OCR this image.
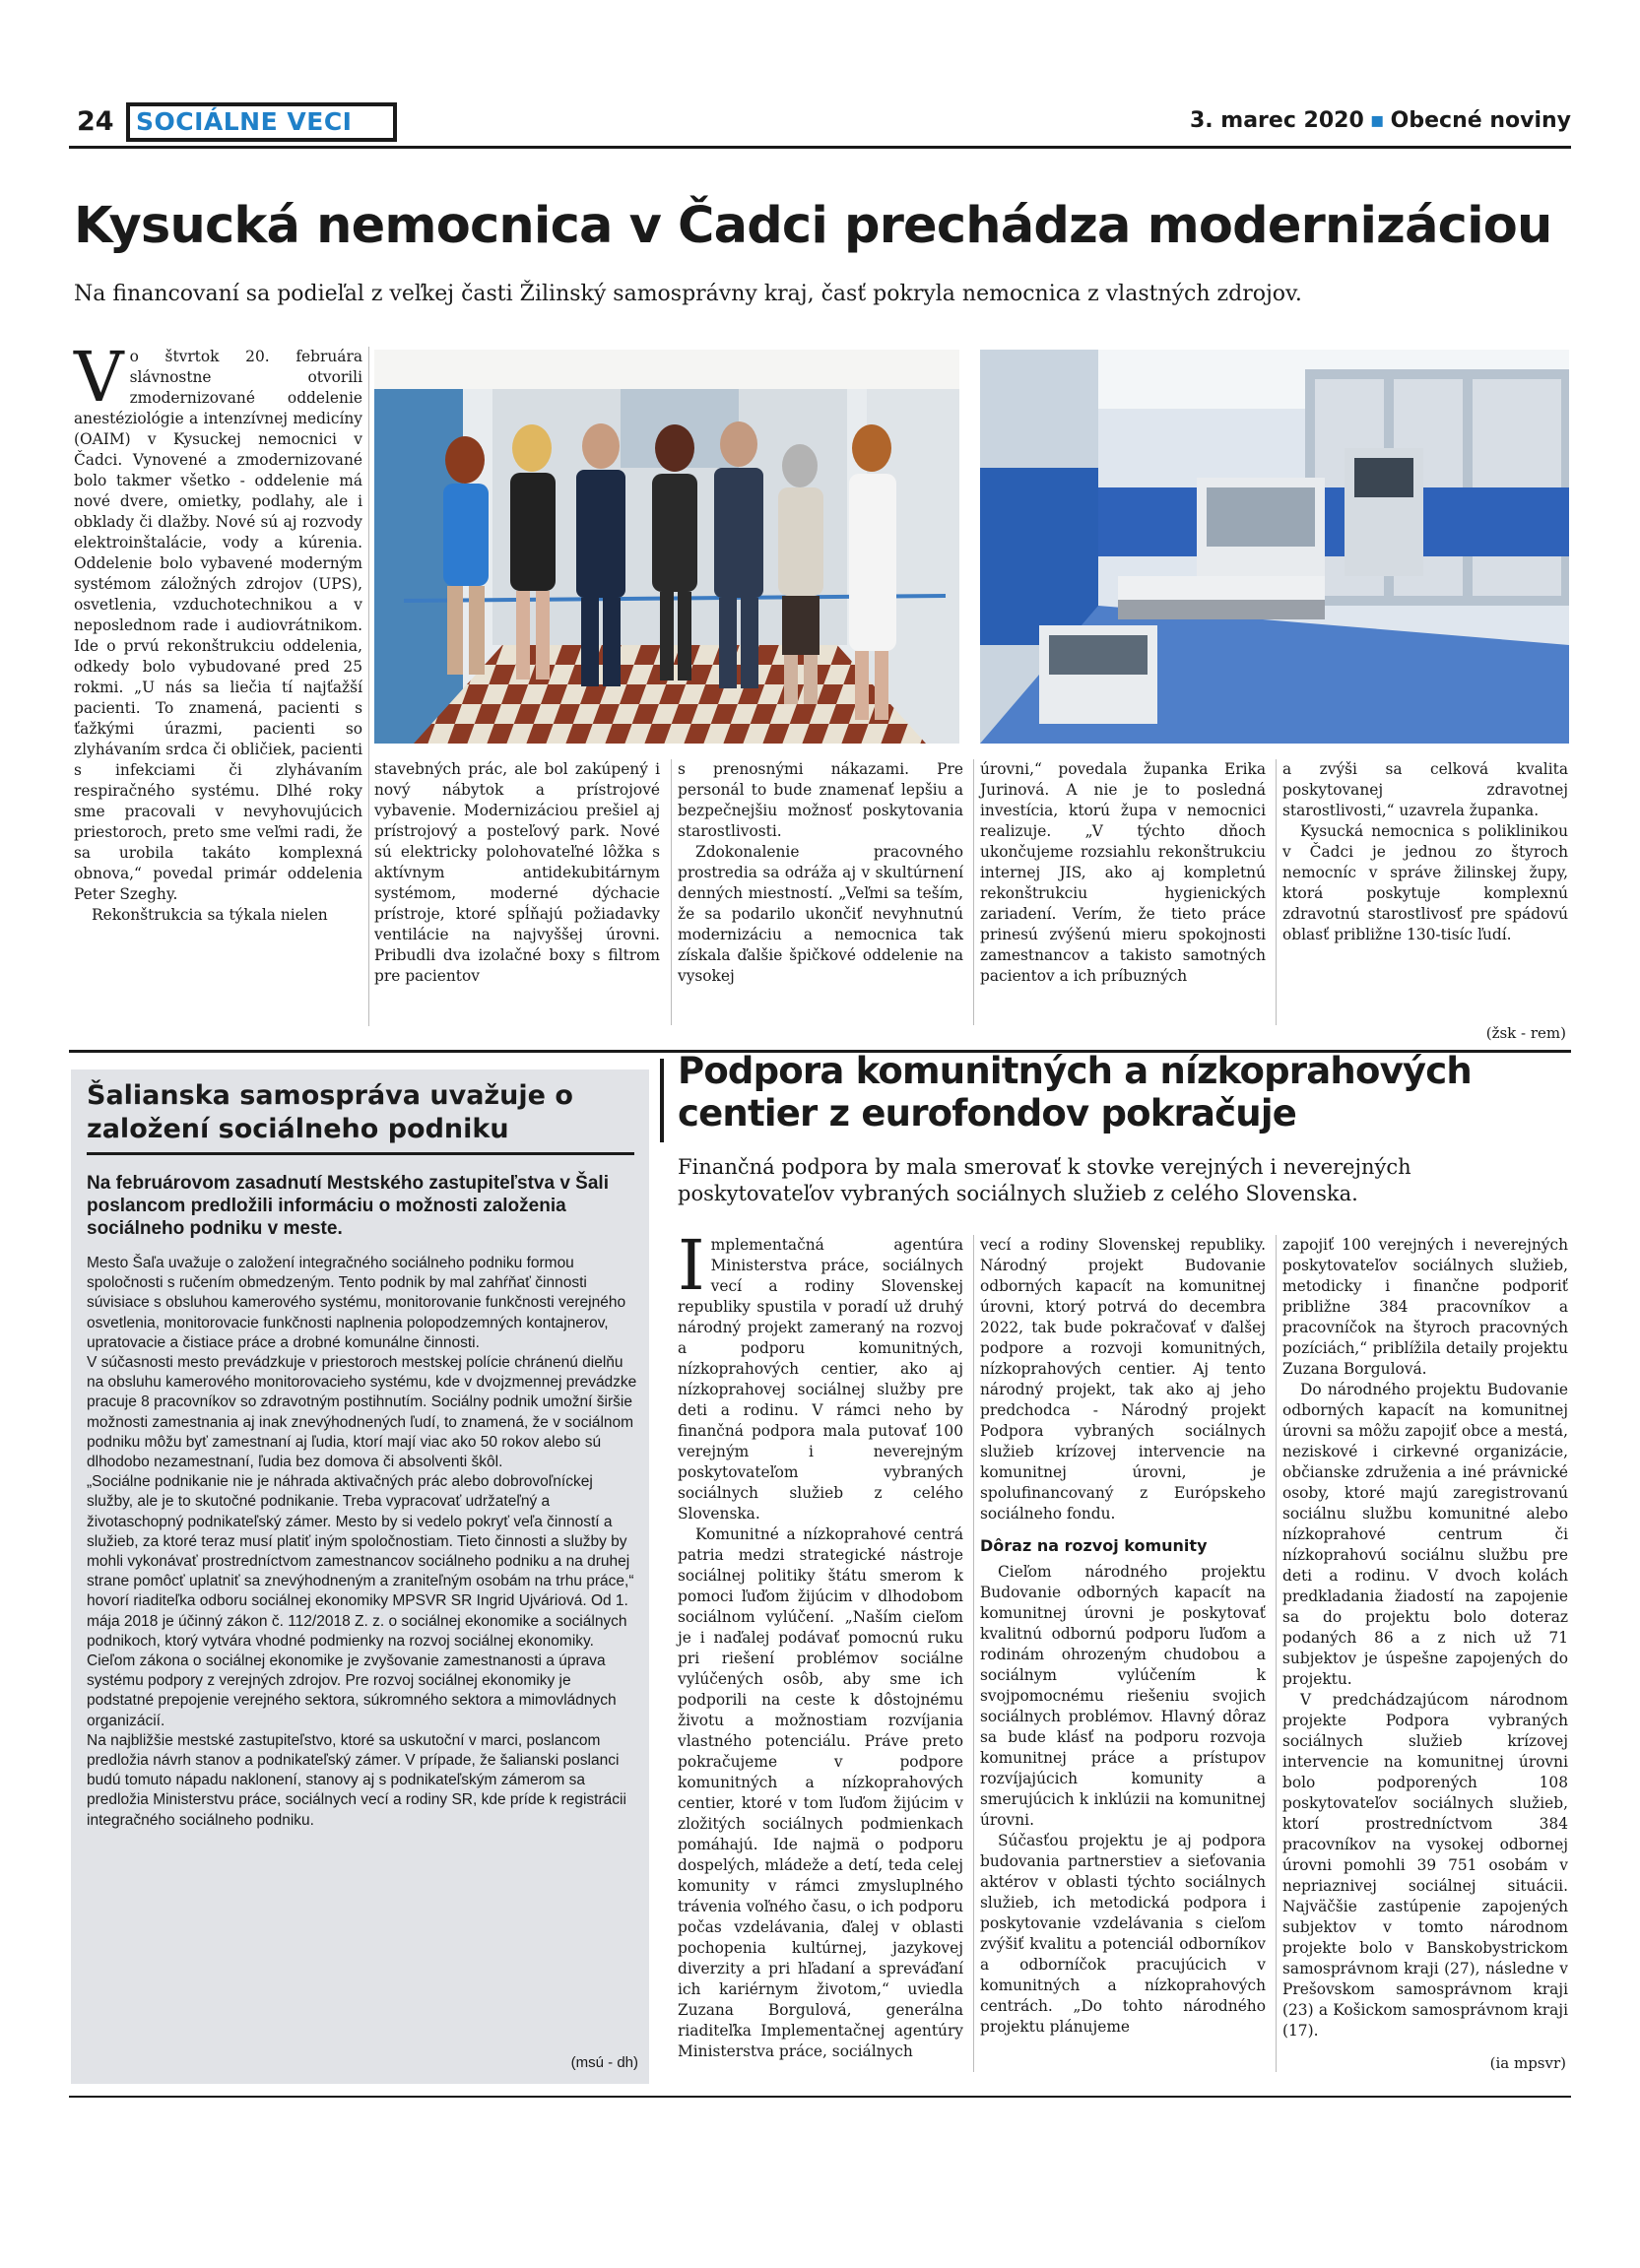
24 SOCIÁLNE VECI	3. marec 2020 ▪ Obecné noviny
Kysucká nemocnica v Čadci prechádza modernizáciou
Na financovaní sa podieľal z veľkej časti Žilinský samosprávny kraj, časť pokryla nemocnica z vlastných zdrojov.

Vo štvrtok 20. februára slávnostne otvorili zmodernizované oddelenie anestéziológie a intenzívnej medicíny (OAIM) v Kysuckej nemocnici v Čadci. Vynovené a zmodernizované bolo takmer všetko - oddelenie má nové dvere, omietky, podlahy, ale i obklady či dlažby. Nové sú aj rozvody elektroinštalácie, vody a kúrenia. Oddelenie bolo vybavené moderným systémom záložných zdrojov (UPS), osvetlenia, vzduchotechnikou a v neposlednom rade i audiovrátnikom. Ide o prvú rekonštrukciu oddelenia, odkedy bolo vybudované pred 25 rokmi. „U nás sa liečia tí najťažší pacienti. To znamená, pacienti s ťažkými úrazmi, pacienti so zlyhávaním srdca či obličiek, pacienti s infekciami či zlyhávaním respiračného systému. Dlhé roky sme pracovali v nevyhovujúcich priestoroch, preto sme veľmi radi, že sa urobila takáto komplexná obnova,“ povedal primár oddelenia Peter Szeghy.

Rekonštrukcia sa týkala nielen

stavebných prác, ale bol zakúpený i nový nábytok a prístrojové vybavenie. Modernizáciou prešiel aj prístrojový a posteľový park. Nové sú elektricky polohovateľné lôžka s aktívnym antidekubitárnym systémom, moderné dýchacie prístroje, ktoré spĺňajú požiadavky ventilácie na najvyššej úrovni. Pribudli dva izolačné boxy s filtrom pre pacientov

s prenosnými nákazami. Pre personál to bude znamenať lepšiu a bezpečnejšiu možnosť poskytovania starostlivosti.

Zdokonalenie pracovného prostredia sa odráža aj v skultúrnení denných miestností. „Veľmi sa teším, že sa podarilo ukončiť nevyhnutnú modernizáciu a nemocnica tak získala ďalšie špičkové oddelenie na vysokej

úrovni,“ povedala županka Erika Jurinová. A nie je to posledná investícia, ktorú župa v nemocnici realizuje. „V týchto dňoch ukončujeme rozsiahlu rekonštrukciu internej JIS, ako aj kompletnú rekonštrukciu hygienických zariadení. Verím, že tieto práce prinesú zvýšenú mieru spokojnosti zamestnancov a takisto samotných pacientov a ich príbuzných

a zvýši sa celková kvalita poskytovanej zdravotnej starostlivosti,“ uzavrela županka.

Kysucká nemocnica s poliklinikou v Čadci je jednou zo štyroch nemocníc v správe žilinskej župy, ktorá poskytuje komplexnú zdravotnú starostlivosť pre spádovú oblasť približne 130-tisíc ľudí.

(žsk - rem)
Šalianska samospráva uvažuje o založení sociálneho podniku
Na februárovom zasadnutí Mestského zastupiteľstva v Šali poslancom predložili informáciu o možnosti založenia sociálneho podniku v meste.

Mesto Šaľa uvažuje o založení integračného sociálneho podniku formou spoločnosti s ručením obmedzeným. Tento podnik by mal zahŕňať činnosti súvisiace s obsluhou kamerového systému, monitorovanie funkčnosti verejného osvetlenia, monitorovacie funkčnosti naplnenia polopodzemných kontajnerov, upratovacie a čistiace práce a drobné komunálne činnosti.

V súčasnosti mesto prevádzkuje v priestoroch mestskej polície chránenú dielňu na obsluhu kamerového monitorovacieho systému, kde v dvojzmennej prevádzke pracuje 8 pracovníkov so zdravotným postihnutím. Sociálny podnik umožní širšie možnosti zamestnania aj inak znevýhodnených ľudí, to znamená, že v sociálnom podniku môžu byť zamestnaní aj ľudia, ktorí mají viac ako 50 rokov alebo sú dlhodobo nezamestnaní, ľudia bez domova či absolventi škôl.

„Sociálne podnikanie nie je náhrada aktivačných prác alebo dobrovoľníckej služby, ale je to skutočné podnikanie. Treba vypracovať udržateľný a životaschopný podnikateľský zámer. Mesto by si vedelo pokryť veľa činností a služieb, za ktoré teraz musí platiť iným spoločnostiam. Tieto činnosti a služby by mohli vykonávať prostredníctvom zamestnancov sociálneho podniku a na druhej strane pomôcť uplatniť sa znevýhodneným a zraniteľným osobám na trhu práce,“ hovorí riaditeľka odboru sociálnej ekonomiky MPSVR SR Ingrid Ujváriová. Od 1. mája 2018 je účinný zákon č. 112/2018 Z. z. o sociálnej ekonomike a sociálnych podnikoch, ktorý vytvára vhodné podmienky na rozvoj sociálnej ekonomiky. Cieľom zákona o sociálnej ekonomike je zvyšovanie zamestnanosti a úprava systému podpory z verejných zdrojov. Pre rozvoj sociálnej ekonomiky je podstatné prepojenie verejného sektora, súkromného sektora a mimovládnych organizácií.

Na najbližšie mestské zastupiteľstvo, ktoré sa uskutoční v marci, poslancom predložia návrh stanov a podnikateľský zámer. V prípade, že šalianski poslanci budú tomuto nápadu naklonení, stanovy aj s podnikateľským zámerom sa predložia Ministerstvu práce, sociálnych vecí a rodiny SR, kde príde k registrácii integračného sociálneho podniku.

(msú - dh)
Podpora komunitných a nízkoprahových centier z eurofondov pokračuje
Finančná podpora by mala smerovať k stovke verejných i neverejných poskytovateľov vybraných sociálnych služieb z celého Slovenska.

Implementačná agentúra Ministerstva práce, sociálnych vecí a rodiny Slovenskej republiky spustila v poradí už druhý národný projekt zameraný na rozvoj a podporu komunitných, nízkoprahových centier, ako aj nízkoprahovej sociálnej služby pre deti a rodinu. V rámci neho by finančná podpora mala putovať 100 verejným i neverejným poskytovateľom vybraných sociálnych služieb z celého Slovenska.

Komunitné a nízkoprahové centrá patria medzi strategické nástroje sociálnej politiky štátu smerom k pomoci ľuďom žijúcim v dlhodobom sociálnom vylúčení. „Naším cieľom je i naďalej podávať pomocnú ruku pri riešení problémov sociálne vylúčených osôb, aby sme ich podporili na ceste k dôstojnému životu a možnostiam rozvíjania vlastného potenciálu. Práve preto pokračujeme v podpore komunitných a nízkoprahových centier, ktoré v tom ľuďom žijúcim v zložitých sociálnych podmienkach pomáhajú. Ide najmä o podporu dospelých, mládeže a detí, teda celej komunity v rámci zmysluplného trávenia voľného času, o ich podporu počas vzdelávania, ďalej v oblasti pochopenia kultúrnej, jazykovej diverzity a pri hľadaní a spreváďaní ich kariérnym životom,“ uviedla Zuzana Borgulová, generálna riaditeľka Implementačnej agentúry Ministerstva práce, sociálnych

vecí a rodiny Slovenskej republiky. Národný projekt Budovanie odborných kapacít na komunitnej úrovni, ktorý potrvá do decembra 2022, tak bude pokračovať v ďalšej podpore a rozvoji komunitných, nízkoprahových centier. Aj tento národný projekt, tak ako aj jeho predchodca - Národný projekt Podpora vybraných sociálnych služieb krízovej intervencie na komunitnej úrovni, je spolufinancovaný z Európskeho sociálneho fondu.

Dôraz na rozvoj komunity

Cieľom národného projektu Budovanie odborných kapacít na komunitnej úrovni je poskytovať kvalitnú odbornú podporu ľuďom a rodinám ohrozeným chudobou a sociálnym vylúčením k svojpomocnému riešeniu svojich sociálnych problémov. Hlavný dôraz sa bude klásť na podporu rozvoja komunitnej práce a prístupov rozvíjajúcich komunity a smerujúcich k inklúzii na komunitnej úrovni.

Súčasťou projektu je aj podpora budovania partnerstiev a sieťovania aktérov v oblasti týchto sociálnych služieb, ich metodická podpora i poskytovanie vzdelávania s cieľom zvýšiť kvalitu a potenciál odborníkov a odborníčok pracujúcich v komunitných a nízkoprahových centrách. „Do tohto národného projektu plánujeme

zapojiť 100 verejných i neverejných poskytovateľov sociálnych služieb, metodicky i finančne podporiť približne 384 pracovníkov a pracovníčok na štyroch pracovných pozíciách,“ priblížila detaily projektu Zuzana Borgulová.

Do národného projektu Budovanie odborných kapacít na komunitnej úrovni sa môžu zapojiť obce a mestá, neziskové i cirkevné organizácie, občianske združenia a iné právnické osoby, ktoré majú zaregistrovanú sociálnu službu komunitné alebo nízkoprahové centrum či nízkoprahovú sociálnu službu pre deti a rodinu. V dvoch kolách predkladania žiadostí na zapojenie sa do projektu bolo doteraz podaných 86 a z nich už 71 subjektov je úspešne zapojených do projektu.

V predchádzajúcom národnom projekte Podpora vybraných sociálnych služieb krízovej intervencie na komunitnej úrovni bolo podporených 108 poskytovateľov sociálnych služieb, ktorí prostredníctvom 384 pracovníkov na vysokej odbornej úrovni pomohli 39 751 osobám v nepriaznivej sociálnej situácii. Najväčšie zastúpenie zapojených subjektov v tomto národnom projekte bolo v Banskobystrickom samosprávnom kraji (27), následne v Prešovskom samosprávnom kraji (23) a Košickom samosprávnom kraji (17).

(ia mpsvr)
